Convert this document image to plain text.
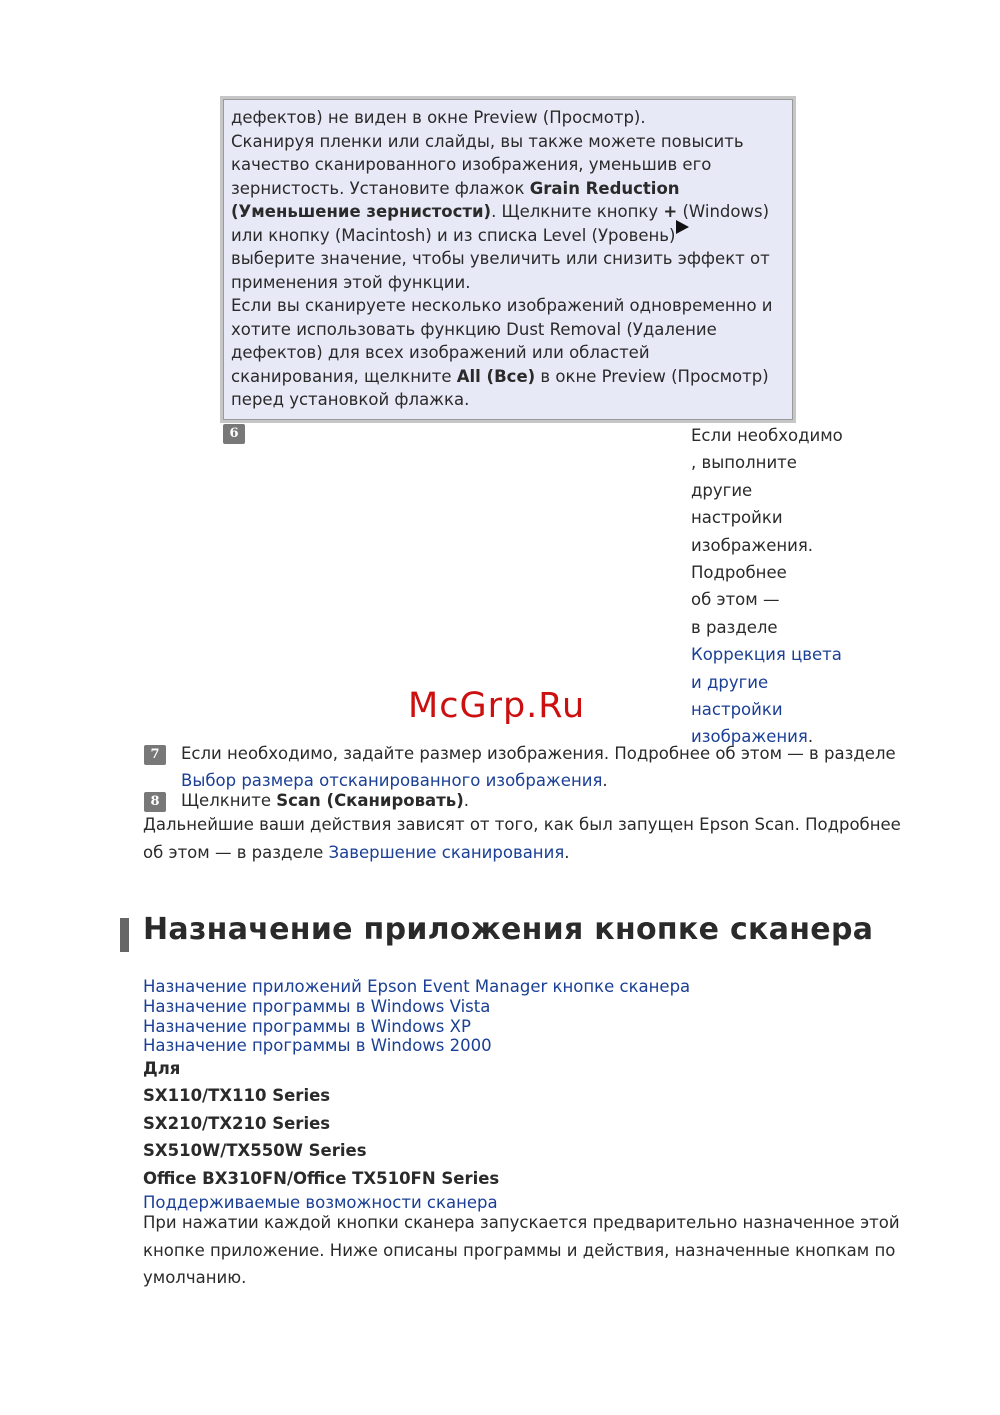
дефектов) не виден в окне Preview (Просмотр).

Сканируя пленки или слайды, вы также можете повысить

качество сканированного изображения, уменьшив его

зернистость. Установите флажок Grain Reduction

(Уменьшение зернистости). Щелкните кнопку + (Windows)

или кнопку (Macintosh) и из списка Level (Уровень)

выберите значение, чтобы увеличить или снизить эффект от

применения этой функции.

Если вы сканируете несколько изображений одновременно и

хотите использовать функцию Dust Removal (Удаление

дефектов) для всех изображений или областей

сканирования, щелкните All (Все) в окне Preview (Просмотр)

перед установкой флажка.

6	Если необходимо

, выполните

другие

настройки

изображения.

Подробнее

об этом —

в разделе

Коррекция цвета

и другие

настройки

изображения.

McGrp.Ru
7	Если необходимо, задайте размер изображения. Подробнее об этом — в разделе
Выбор размера отсканированного изображения.
8	Щелкните Scan (Сканировать).
Дальнейшие ваши действия зависят от того, как был запущен Epson Scan. Подробнее
об этом — в разделе Завершение сканирования.
Назначение приложения кнопке сканера
Назначение приложений Epson Event Manager кнопке сканера
Назначение программы в Windows Vista
Назначение программы в Windows XP
Назначение программы в Windows 2000
Для
SX110/TX110 Series
SX210/TX210 Series
SX510W/TX550W Series
Office BX310FN/Office TX510FN Series
Поддерживаемые возможности сканера
При нажатии каждой кнопки сканера запускается предварительно назначенное этой
кнопке приложение. Ниже описаны программы и действия, назначенные кнопкам по
умолчанию.
